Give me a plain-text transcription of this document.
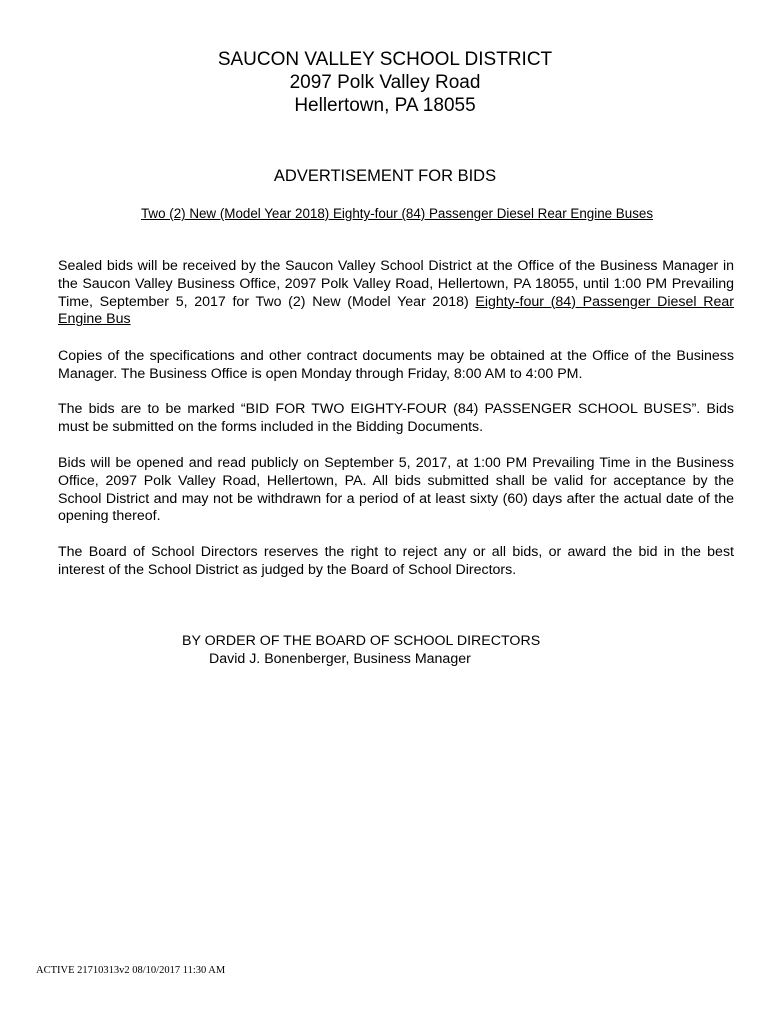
SAUCON VALLEY SCHOOL DISTRICT
2097 Polk Valley Road
Hellertown, PA 18055
ADVERTISEMENT FOR BIDS
Two (2) New (Model Year 2018) Eighty-four (84) Passenger Diesel Rear Engine Buses
Sealed bids will be received by the Saucon Valley School District at the Office of the Business Manager in the Saucon Valley Business Office, 2097 Polk Valley Road, Hellertown, PA 18055, until 1:00 PM Prevailing Time, September 5, 2017 for Two (2) New (Model Year 2018) Eighty-four (84) Passenger Diesel Rear Engine Bus
Copies of the specifications and other contract documents may be obtained at the Office of the Business Manager. The Business Office is open Monday through Friday, 8:00 AM to 4:00 PM.
The bids are to be marked “BID FOR TWO EIGHTY-FOUR (84) PASSENGER SCHOOL BUSES”. Bids must be submitted on the forms included in the Bidding Documents.
Bids will be opened and read publicly on September 5, 2017, at 1:00 PM Prevailing Time in the Business Office, 2097 Polk Valley Road, Hellertown, PA. All bids submitted shall be valid for acceptance by the School District and may not be withdrawn for a period of at least sixty (60) days after the actual date of the opening thereof.
The Board of School Directors reserves the right to reject any or all bids, or award the bid in the best interest of the School District as judged by the Board of School Directors.
BY ORDER OF THE BOARD OF SCHOOL DIRECTORS
David J. Bonenberger, Business Manager
ACTIVE 21710313v2 08/10/2017 11:30 AM
